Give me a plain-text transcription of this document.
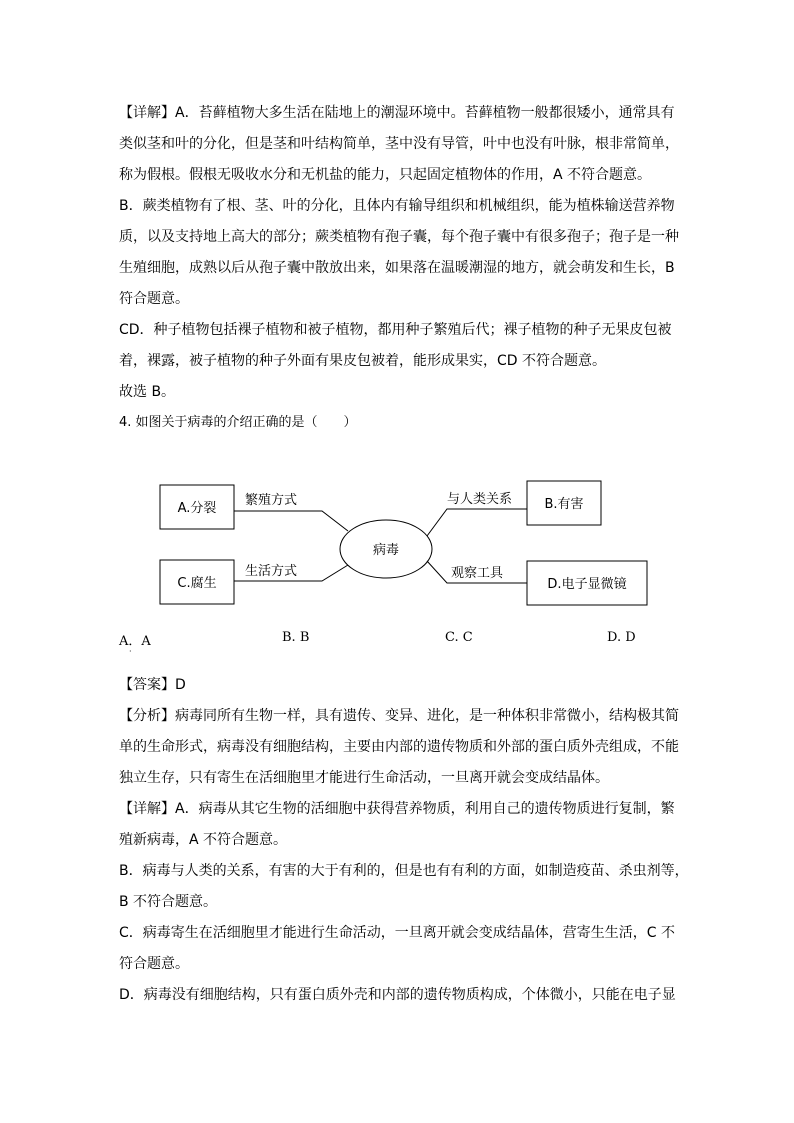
【详解】A．苔藓植物大多生活在陆地上的潮湿环境中。苔藓植物一般都很矮小，通常具有
类似茎和叶的分化，但是茎和叶结构简单，茎中没有导管，叶中也没有叶脉，根非常简单，
称为假根。假根无吸收水分和无机盐的能力，只起固定植物体的作用，A 不符合题意。
B．蕨类植物有了根、茎、叶的分化，且体内有输导组织和机械组织，能为植株输送营养物
质，以及支持地上高大的部分；蕨类植物有孢子囊，每个孢子囊中有很多孢子；孢子是一种
生殖细胞，成熟以后从孢子囊中散放出来，如果落在温暖潮湿的地方，就会萌发和生长，B
符合题意。
CD．种子植物包括裸子植物和被子植物，都用种子繁殖后代；裸子植物的种子无果皮包被
着，裸露，被子植物的种子外面有果皮包被着，能形成果实，CD 不符合题意。
故选 B。
4. 如图关于病毒的介绍正确的是（　　）
病毒
A.分裂
繁殖方式
C.腐生
生活方式
B.有害
与人类关系
D.电子显微镜
观察工具
A．A	B. B	C. C	D. D
·
【答案】D
【分析】病毒同所有生物一样，具有遗传、变异、进化，是一种体积非常微小，结构极其简
单的生命形式，病毒没有细胞结构，主要由内部的遗传物质和外部的蛋白质外壳组成，不能
独立生存，只有寄生在活细胞里才能进行生命活动，一旦离开就会变成结晶体。
【详解】A．病毒从其它生物的活细胞中获得营养物质，利用自己的遗传物质进行复制，繁
殖新病毒，A 不符合题意。
B．病毒与人类的关系，有害的大于有利的，但是也有有利的方面，如制造疫苗、杀虫剂等，
B 不符合题意。
C．病毒寄生在活细胞里才能进行生命活动，一旦离开就会变成结晶体，营寄生生活，C 不
符合题意。
D．病毒没有细胞结构，只有蛋白质外壳和内部的遗传物质构成，个体微小，只能在电子显
